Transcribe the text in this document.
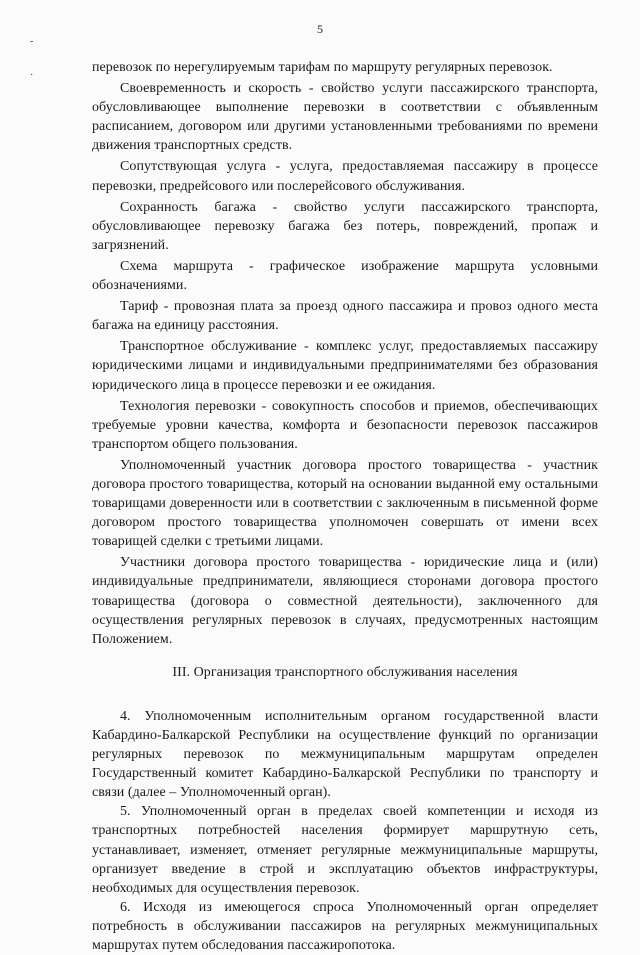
5
-
·

перевозок по нерегулируемым тарифам по маршруту регулярных перевозок.

Своевременность и скорость - свойство услуги пассажирского транспорта, обусловливающее выполнение перевозки в соответствии с объявленным расписанием, договором или другими установленными требованиями по времени движения транспортных средств.

Сопутствующая услуга - услуга, предоставляемая пассажиру в процессе перевозки, предрейсового или послерейсового обслуживания.

Сохранность багажа - свойство услуги пассажирского транспорта, обусловливающее перевозку багажа без потерь, повреждений, пропаж и загрязнений.

Схема маршрута - графическое изображение маршрута условными обозначениями.

Тариф - провозная плата за проезд одного пассажира и провоз одного места багажа на единицу расстояния.

Транспортное обслуживание - комплекс услуг, предоставляемых пассажиру юридическими лицами и индивидуальными предпринимателями без образования юридического лица в процессе перевозки и ее ожидания.

Технология перевозки - совокупность способов и приемов, обеспечивающих требуемые уровни качества, комфорта и безопасности перевозок пассажиров транспортом общего пользования.

Уполномоченный участник договора простого товарищества - участник договора простого товарищества, который на основании выданной ему остальными товарищами доверенности или в соответствии с заключенным в письменной форме договором простого товарищества уполномочен совершать от имени всех товарищей сделки с третьими лицами.

Участники договора простого товарищества - юридические лица и (или) индивидуальные предприниматели, являющиеся сторонами договора простого товарищества (договора о совместной деятельности), заключенного для осуществления регулярных перевозок в случаях, предусмотренных настоящим Положением.

III. Организация транспортного обслуживания населения

4. Уполномоченным исполнительным органом государственной власти Кабардино-Балкарской Республики на осуществление функций по организации регулярных перевозок по межмуниципальным маршрутам определен Государственный комитет Кабардино-Балкарской Республики по транспорту и связи (далее – Уполномоченный орган).

5. Уполномоченный орган в пределах своей компетенции и исходя из транспортных потребностей населения формирует маршрутную сеть, устанавливает, изменяет, отменяет регулярные межмуниципальные маршруты, организует введение в строй и эксплуатацию объектов инфраструктуры, необходимых для осуществления перевозок.

6. Исходя из имеющегося спроса Уполномоченный орган определяет потребность в обслуживании пассажиров на регулярных межмуниципальных маршрутах путем обследования пассажиропотока.
